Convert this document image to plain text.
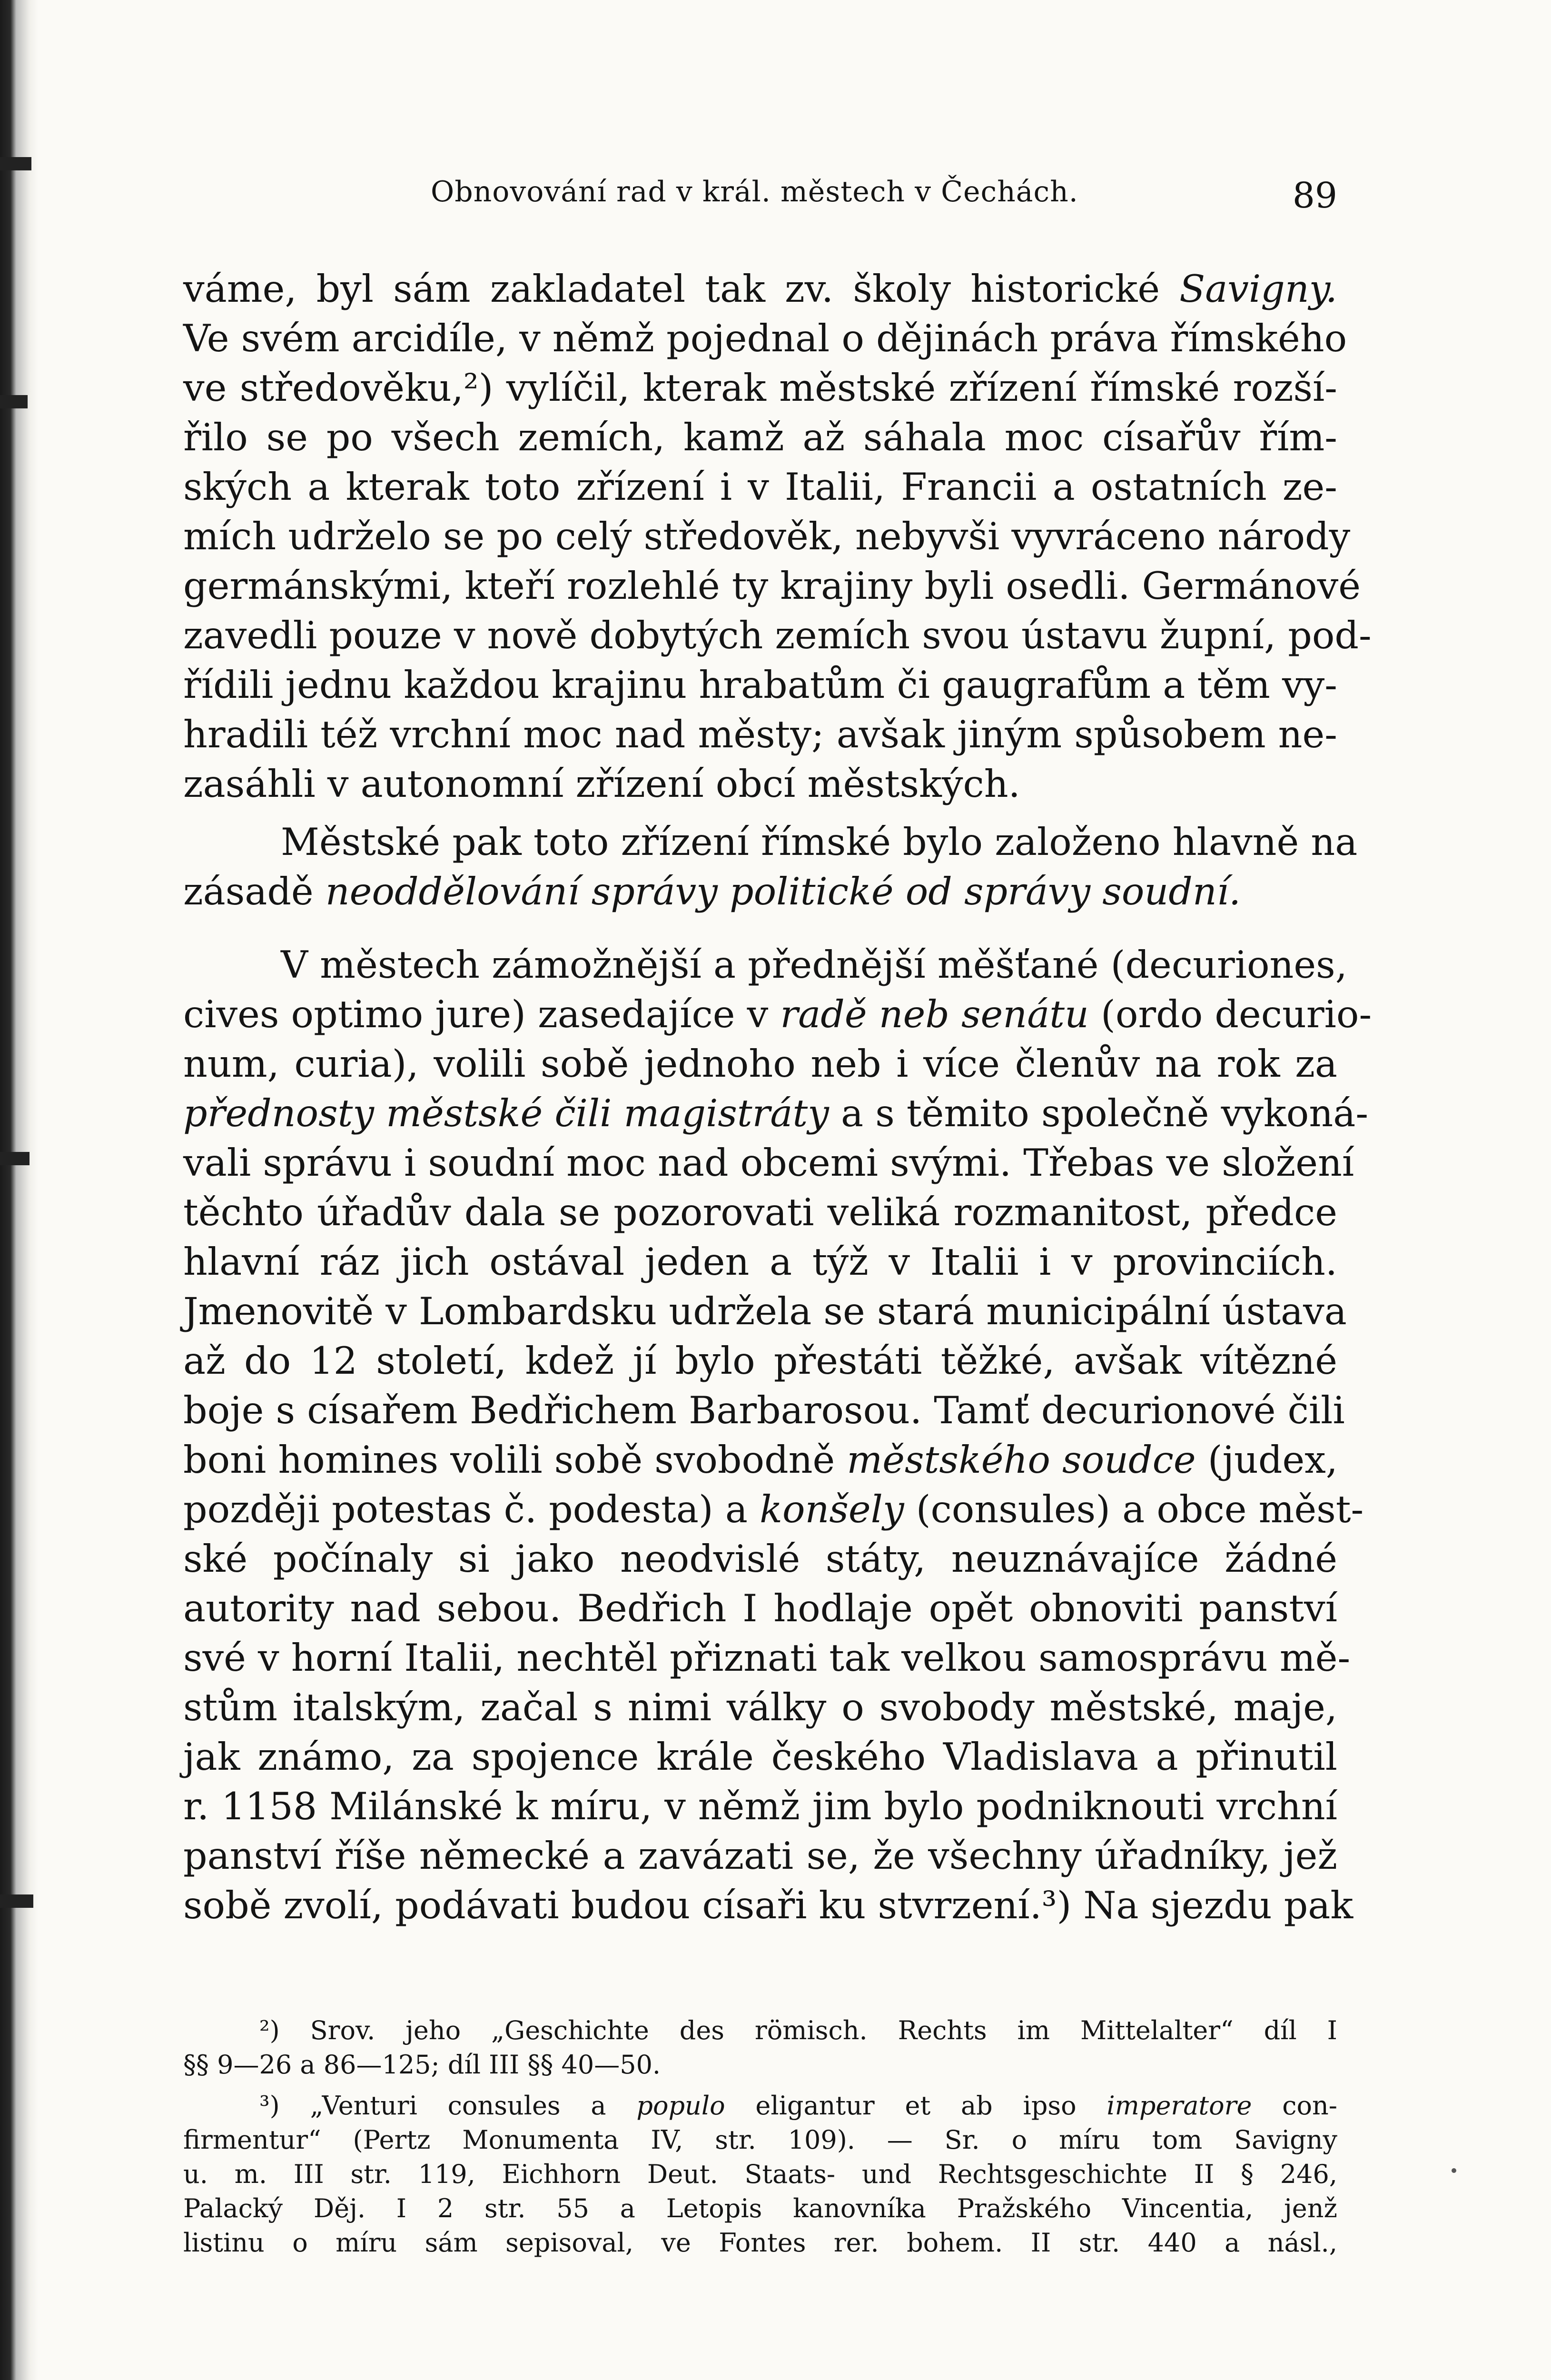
Obnovování rad v král. městech v Čechách.	89
váme, byl sám zakladatel tak zv. školy historické Savigny.
Ve svém arcidíle, v němž pojednal o dějinách práva římského
ve středověku,²) vylíčil, kterak městské zřízení římské rozší-
řilo se po všech zemích, kamž až sáhala moc císařův řím-
ských a kterak toto zřízení i v Italii, Francii a ostatních ze-
mích udrželo se po celý středověk, nebyvši vyvráceno národy
germánskými, kteří rozlehlé ty krajiny byli osedli. Germánové
zavedli pouze v nově dobytých zemích svou ústavu župní, pod-
řídili jednu každou krajinu hrabatům či gaugrafům a těm vy-
hradili též vrchní moc nad městy; avšak jiným spůsobem ne-
zasáhli v autonomní zřízení obcí městských.
Městské pak toto zřízení římské bylo založeno hlavně na
zásadě neoddělování správy politické od správy soudní.
V městech zámožnější a přednější měšťané (decuriones,
cives optimo jure) zasedajíce v radě neb senátu (ordo decurio-
num, curia), volili sobě jednoho neb i více členův na rok za
přednosty městské čili magistráty a s těmito společně vykoná-
vali správu i soudní moc nad obcemi svými. Třebas ve složení
těchto úřadův dala se pozorovati veliká rozmanitost, předce
hlavní ráz jich ostával jeden a týž v Italii i v provinciích.
Jmenovitě v Lombardsku udržela se stará municipální ústava
až do 12 století, kdež jí bylo přestáti těžké, avšak vítězné
boje s císařem Bedřichem Barbarosou. Tamť decurionové čili
boni homines volili sobě svobodně městského soudce (judex,
později potestas č. podesta) a konšely (consules) a obce měst-
ské počínaly si jako neodvislé státy, neuznávajíce žádné
autority nad sebou. Bedřich I hodlaje opět obnoviti panství
své v horní Italii, nechtěl přiznati tak velkou samosprávu mě-
stům italským, začal s nimi války o svobody městské, maje,
jak známo, za spojence krále českého Vladislava a přinutil
r. 1158 Milánské k míru, v němž jim bylo podniknouti vrchní
panství říše německé a zavázati se, že všechny úřadníky, jež
sobě zvolí, podávati budou císaři ku stvrzení.³) Na sjezdu pak
²) Srov. jeho „Geschichte des römisch. Rechts im Mittelalter“ díl I
§§ 9—26 a 86—125; díl III §§ 40—50.
³) „Venturi consules a populo eligantur et ab ipso imperatore con-
firmentur“ (Pertz Monumenta IV, str. 109). — Sr. o míru tom Savigny
u. m. III str. 119, Eichhorn Deut. Staats- und Rechtsgeschichte II § 246,
Palacký Děj. I 2 str. 55 a Letopis kanovníka Pražského Vincentia, jenž
listinu o míru sám sepisoval, ve Fontes rer. bohem. II str. 440 a násl.,
